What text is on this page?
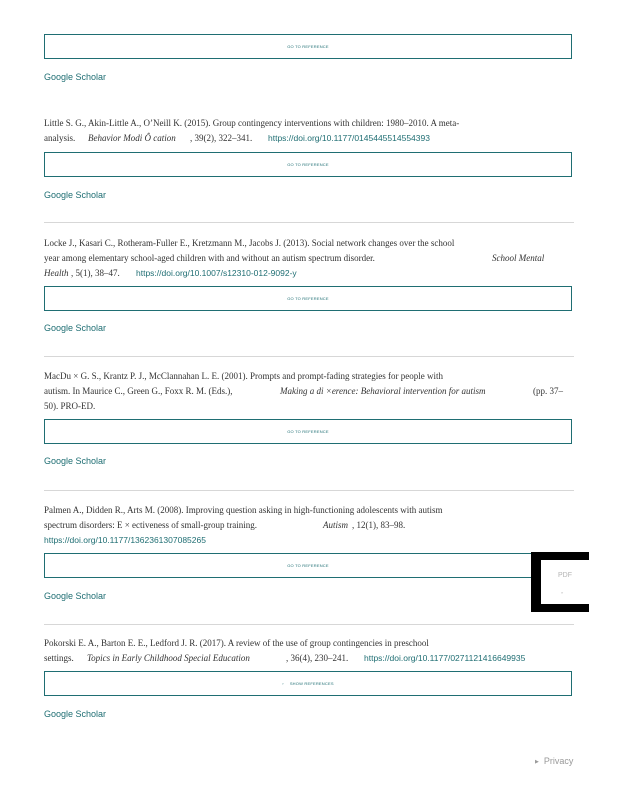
GO TO REFERENCE
Google Scholar
Little S. G., Akin-Little A., O’Neill K. (2015). Group contingency interventions with children: 1980–2010. A meta-
analysis. Behavior Modi Ô cation , 39(2), 322–341. https://doi.org/10.1177/0145445514554393
GO TO REFERENCE
Google Scholar
Locke J., Kasari C., Rotheram-Fuller E., Kretzmann M., Jacobs J. (2013). Social network changes over the school
year among elementary school-aged children with and without an autism spectrum disorder.	School Mental
Health , 5(1), 38–47. https://doi.org/10.1007/s12310-012-9092-y
GO TO REFERENCE
Google Scholar
MacDu × G. S., Krantz P. J., McClannahan L. E. (2001). Prompts and prompt-fading strategies for people with
autism. In Maurice C., Green G., Foxx R. M. (Eds.),	Making a di ×erence: Behavioral intervention for autism	(pp. 37–
50). PRO-ED.
GO TO REFERENCE
Google Scholar
Palmen A., Didden R., Arts M. (2008). Improving question asking in high-functioning adolescents with autism
spectrum disorders: E × ectiveness of small-group training.	Autism , 12(1), 83–98.
https://doi.org/10.1177/1362361307085265
GO TO REFERENCE
Google Scholar
Pokorski E. A., Barton E. E., Ledford J. R. (2017). A review of the use of group contingencies in preschool
settings. Topics in Early Childhood Special Education	, 36(4), 230–241. https://doi.org/10.1177/0271121416649935
› SHOW REFERENCES
Google Scholar
PDF
»
▶ Privacy
